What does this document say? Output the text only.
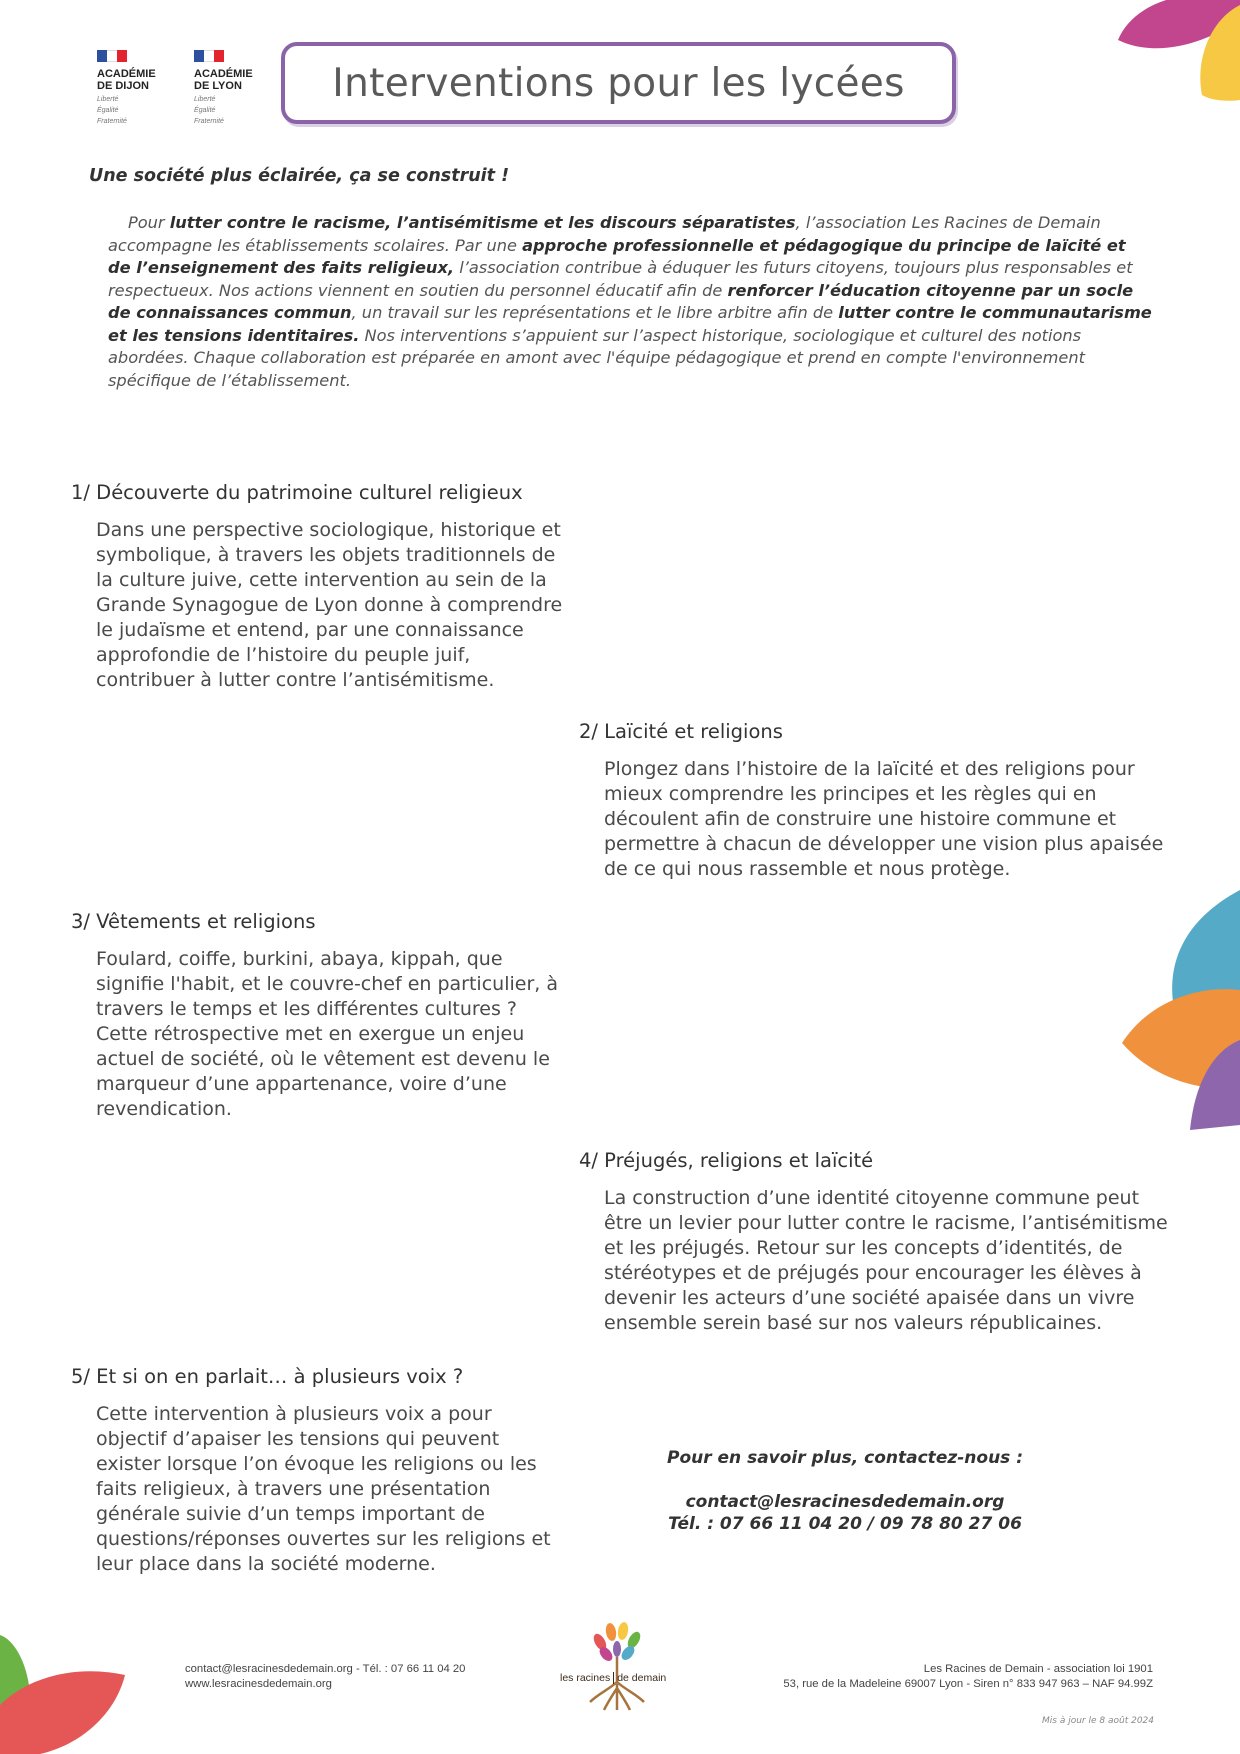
ACADÉMIE
DE DIJON
Liberté
Égalité
Fraternité
ACADÉMIE
DE LYON
Liberté
Égalité
Fraternité
Interventions pour les lycées
Une société plus éclairée, ça se construit !
Pour lutter contre le racisme, l’antisémitisme et les discours séparatistes, l’association Les Racines de Demain accompagne les établissements scolaires. Par une approche professionnelle et pédagogique du principe de laïcité et de l’enseignement des faits religieux, l’association contribue à éduquer les futurs citoyens, toujours plus responsables et respectueux. Nos actions viennent en soutien du personnel éducatif afin de renforcer l’éducation citoyenne par un socle de connaissances commun, un travail sur les représentations et le libre arbitre afin de lutter contre le communautarisme et les tensions identitaires. Nos interventions s’appuient sur l’aspect historique, sociologique et culturel des notions abordées. Chaque collaboration est préparée en amont avec l'équipe pédagogique et prend en compte l'environnement spécifique de l’établissement.
1/ Découverte du patrimoine culturel religieux
Dans une perspective sociologique, historique et
symbolique, à travers les objets traditionnels de
la culture juive, cette intervention au sein de la
Grande Synagogue de Lyon donne à comprendre
le judaïsme et entend, par une connaissance
approfondie de l’histoire du peuple juif,
contribuer à lutter contre l’antisémitisme.
2/ Laïcité et religions
Plongez dans l’histoire de la laïcité et des religions pour
mieux comprendre les principes et les règles qui en
découlent afin de construire une histoire commune et
permettre à chacun de développer une vision plus apaisée
de ce qui nous rassemble et nous protège.
3/ Vêtements et religions
Foulard, coiffe, burkini, abaya, kippah, que
signifie l'habit, et le couvre-chef en particulier, à
travers le temps et les différentes cultures ?
Cette rétrospective met en exergue un enjeu
actuel de société, où le vêtement est devenu le
marqueur d’une appartenance, voire d’une
revendication.
4/ Préjugés, religions et laïcité
La construction d’une identité citoyenne commune peut
être un levier pour lutter contre le racisme, l’antisémitisme
et les préjugés. Retour sur les concepts d’identités, de
stéréotypes et de préjugés pour encourager les élèves à
devenir les acteurs d’une société apaisée dans un vivre
ensemble serein basé sur nos valeurs républicaines.
5/ Et si on en parlait… à plusieurs voix ?
Cette intervention à plusieurs voix a pour
objectif d’apaiser les tensions qui peuvent
exister lorsque l’on évoque les religions ou les
faits religieux, à travers une présentation
générale suivie d’un temps important de
questions/réponses ouvertes sur les religions et
leur place dans la société moderne.
Pour en savoir plus, contactez-nous :
contact@lesracinesdedemain.org
Tél. : 07 66 11 04 20 / 09 78 80 27 06
contact@lesracinesdedemain.org - Tél. : 07 66 11 04 20
www.lesracinesdedemain.org	les racines de demain
Les Racines de Demain - association loi 1901
53, rue de la Madeleine 69007 Lyon - Siren n° 833 947 963 – NAF 94.99Z
Mis à jour le 8 août 2024
